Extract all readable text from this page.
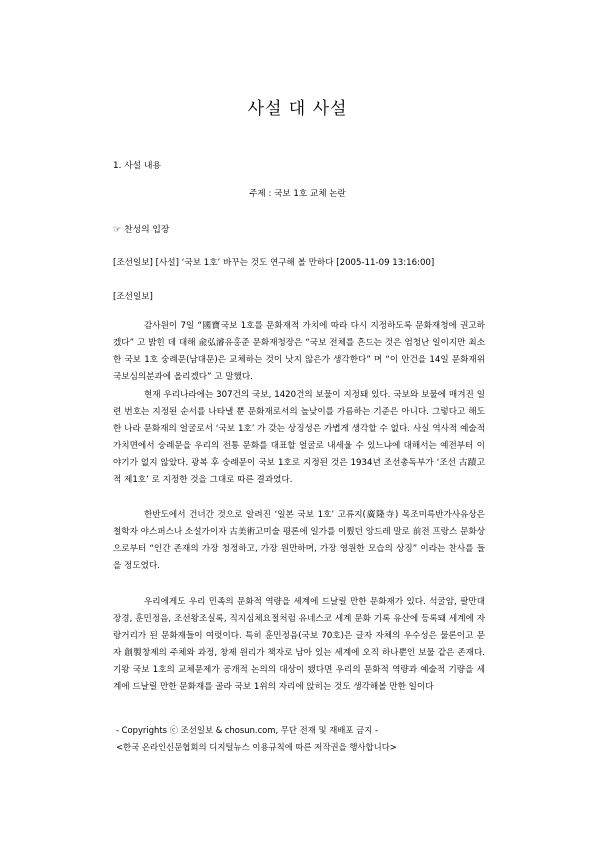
사설 대 사설
1. 사설 내용
주제 : 국보 1호 교체 논란
☞ 찬성의 입장
[조선일보] [사설] ‘국보 1호’ 바꾸는 것도 연구해 볼 만하다 [2005-11-09 13:16:00]
[조선일보]

감사원이 7일 “國寶국보 1호를 문화재적 가치에 따라 다시 지정하도록 문화재청에 권고하겠다” 고 밝힌 데 대해 兪弘濬유홍준 문화재청장은 “국보 전체를 흔드는 것은 엄청난 일이지만 최소한 국보 1호 숭례문(남대문)은 교체하는 것이 낫지 않은가 생각한다” 며 “이 안건을 14일 문화재위 국보심의분과에 올리겠다” 고 말했다.

현재 우리나라에는 307건의 국보, 1420건의 보물이 지정돼 있다. 국보와 보물에 매겨진 일련 번호는 지정된 순서를 나타낼 뿐 문화재로서의 높낮이를 가름하는 기준은 아니다. 그렇다고 해도 한 나라 문화재의 얼굴로서 ‘국보 1호’ 가 갖는 상징성은 가볍게 생각할 수 없다. 사실 역사적 예술적 가치면에서 숭례문을 우리의 전통 문화를 대표할 얼굴로 내세울 수 있느냐에 대해서는 예전부터 이야기가 없지 않았다. 광복 후 숭례문이 국보 1호로 지정된 것은 1934년 조선총독부가 ‘조선 古蹟고적 제1호’ 로 지정한 것을 그대로 따른 결과였다.

한반도에서 건너간 것으로 알려진 ‘일본 국보 1호’ 고류지(廣隆寺) 목조미륵반가사유상은 철학자 야스퍼스나 소설가이자 古美術고미술 평론에 일가를 이뤘던 앙드레 말로 前전 프랑스 문화상으로부터 “인간 존재의 가장 청정하고, 가장 원만하며, 가장 영원한 모습의 상징” 이라는 찬사를 들을 정도였다.

우리에게도 우리 민족의 문화적 역량을 세계에 드날릴 만한 문화재가 있다. 석굴암, 팔만대장경, 훈민정음, 조선왕조실록, 직지심체요절처럼 유네스코 세계 문화 기록 유산에 등록돼 세계에 자랑거리가 된 문화재들이 여럿이다. 특히 훈민정음(국보 70호)은 글자 자체의 우수성은 물론이고 문자 創製창제의 주체와 과정, 창제 원리가 책자로 남아 있는 세계에 오직 하나뿐인 보물 같은 존재다. 기왕 국보 1호의 교체문제가 공개적 논의의 대상이 됐다면 우리의 문화적 역량과 예술적 기량을 세계에 드날릴 만한 문화재를 골라 국보 1위의 자리에 앉히는 것도 생각해볼 만한 일이다

- Copyrights ⓒ 조선일보 & chosun.com, 무단 전재 및 재배포 금지 -
<한국 온라인신문협회의 디지털뉴스 이용규칙에 따른 저작권을 행사합니다>
